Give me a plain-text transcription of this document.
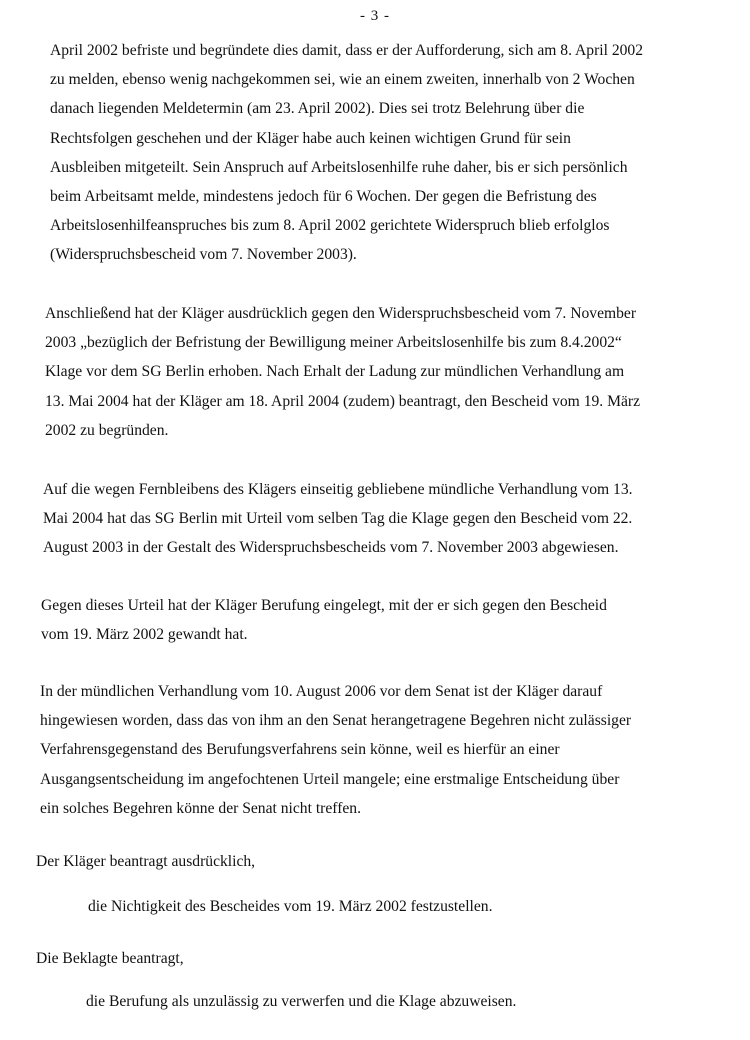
- 3 -
April 2002 befriste und begründete dies damit, dass er der Aufforderung, sich am 8. April 2002
zu melden, ebenso wenig nachgekommen sei, wie an einem zweiten, innerhalb von 2 Wochen
danach liegenden Meldetermin (am 23. April 2002). Dies sei trotz Belehrung über die
Rechtsfolgen geschehen und der Kläger habe auch keinen wichtigen Grund für sein
Ausbleiben mitgeteilt. Sein Anspruch auf Arbeitslosenhilfe ruhe daher, bis er sich persönlich
beim Arbeitsamt melde, mindestens jedoch für 6 Wochen. Der gegen die Befristung des
Arbeitslosenhilfeanspruches bis zum 8. April 2002 gerichtete Widerspruch blieb erfolglos
(Widerspruchsbescheid vom 7. November 2003).
Anschließend hat der Kläger ausdrücklich gegen den Widerspruchsbescheid vom 7. November
2003 „bezüglich der Befristung der Bewilligung meiner Arbeitslosenhilfe bis zum 8.4.2002“
Klage vor dem SG Berlin erhoben. Nach Erhalt der Ladung zur mündlichen Verhandlung am
13. Mai 2004 hat der Kläger am 18. April 2004 (zudem) beantragt, den Bescheid vom 19. März
2002 zu begründen.
Auf die wegen Fernbleibens des Klägers einseitig gebliebene mündliche Verhandlung vom 13.
Mai 2004 hat das SG Berlin mit Urteil vom selben Tag die Klage gegen den Bescheid vom 22.
August 2003 in der Gestalt des Widerspruchsbescheids vom 7. November 2003 abgewiesen.
Gegen dieses Urteil hat der Kläger Berufung eingelegt, mit der er sich gegen den Bescheid
vom 19. März 2002 gewandt hat.
In der mündlichen Verhandlung vom 10. August 2006 vor dem Senat ist der Kläger darauf
hingewiesen worden, dass das von ihm an den Senat herangetragene Begehren nicht zulässiger
Verfahrensgegenstand des Berufungsverfahrens sein könne, weil es hierfür an einer
Ausgangsentscheidung im angefochtenen Urteil mangele; eine erstmalige Entscheidung über
ein solches Begehren könne der Senat nicht treffen.
Der Kläger beantragt ausdrücklich,
die Nichtigkeit des Bescheides vom 19. März 2002 festzustellen.
Die Beklagte beantragt,
die Berufung als unzulässig zu verwerfen und die Klage abzuweisen.
